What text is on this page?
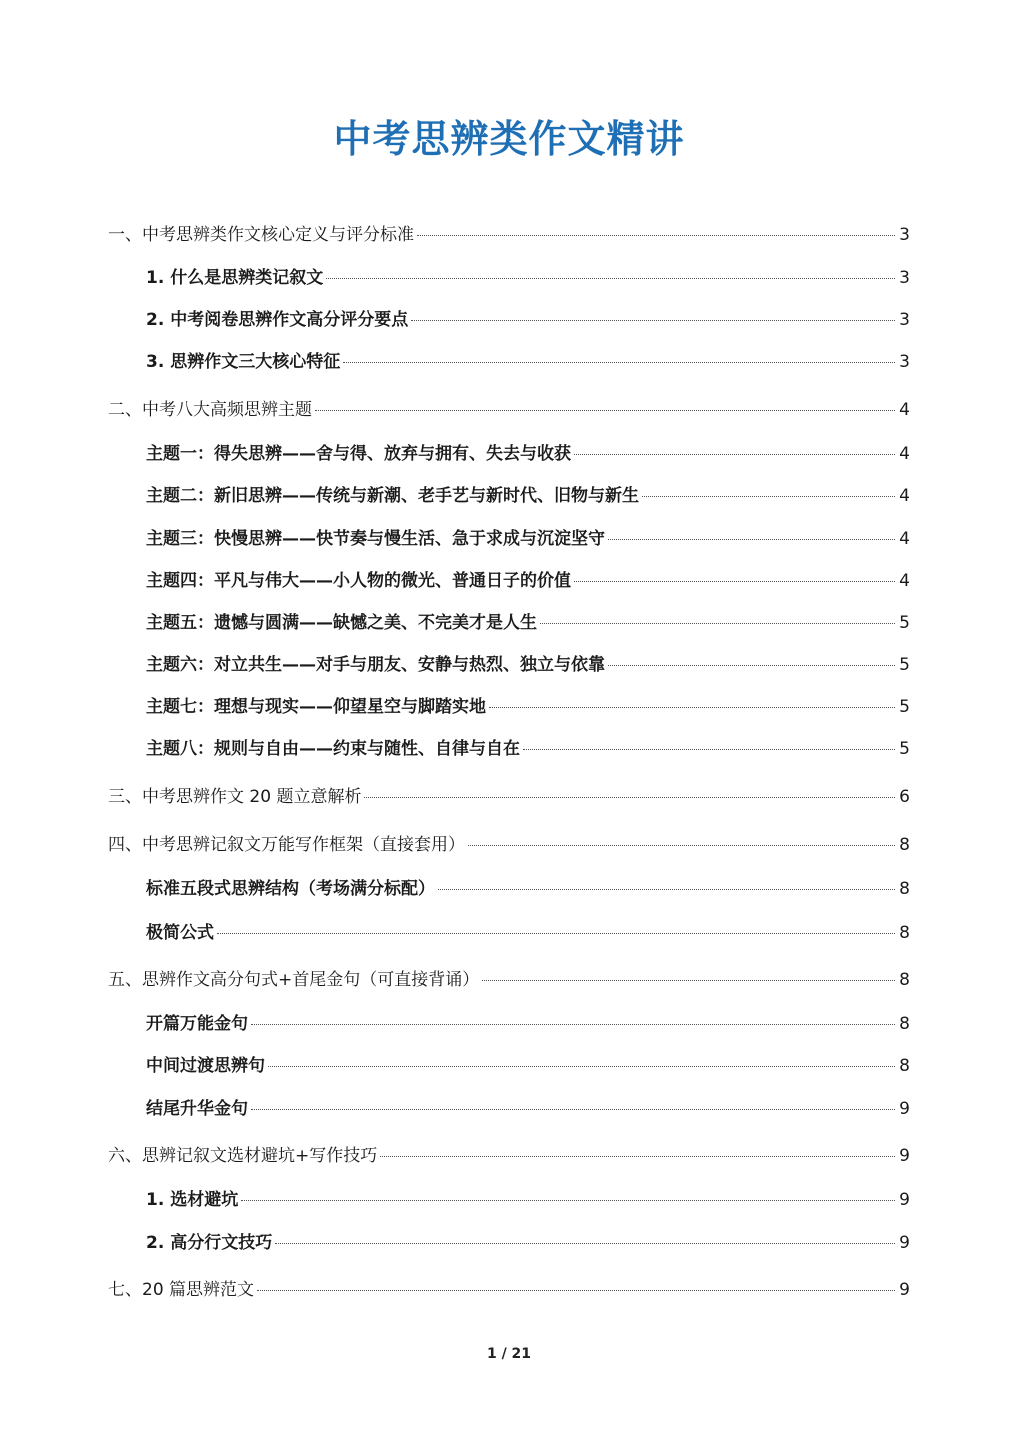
中考思辨类作文精讲
一、中考思辨类作文核心定义与评分标准	3
1. 什么是思辨类记叙文	3
2. 中考阅卷思辨作文高分评分要点	3
3. 思辨作文三大核心特征	3
二、中考八大高频思辨主题	4
主题一：得失思辨——舍与得、放弃与拥有、失去与收获	4
主题二：新旧思辨——传统与新潮、老手艺与新时代、旧物与新生	4
主题三：快慢思辨——快节奏与慢生活、急于求成与沉淀坚守	4
主题四：平凡与伟大——小人物的微光、普通日子的价值	4
主题五：遗憾与圆满——缺憾之美、不完美才是人生	5
主题六：对立共生——对手与朋友、安静与热烈、独立与依靠	5
主题七：理想与现实——仰望星空与脚踏实地	5
主题八：规则与自由——约束与随性、自律与自在	5
三、中考思辨作文 20 题立意解析	6
四、中考思辨记叙文万能写作框架（直接套用）	8
标准五段式思辨结构（考场满分标配）	8
极简公式	8
五、思辨作文高分句式+首尾金句（可直接背诵）	8
开篇万能金句	8
中间过渡思辨句	8
结尾升华金句	9
六、思辨记叙文选材避坑+写作技巧	9
1. 选材避坑	9
2. 高分行文技巧	9
七、20 篇思辨范文	9
1 / 21
